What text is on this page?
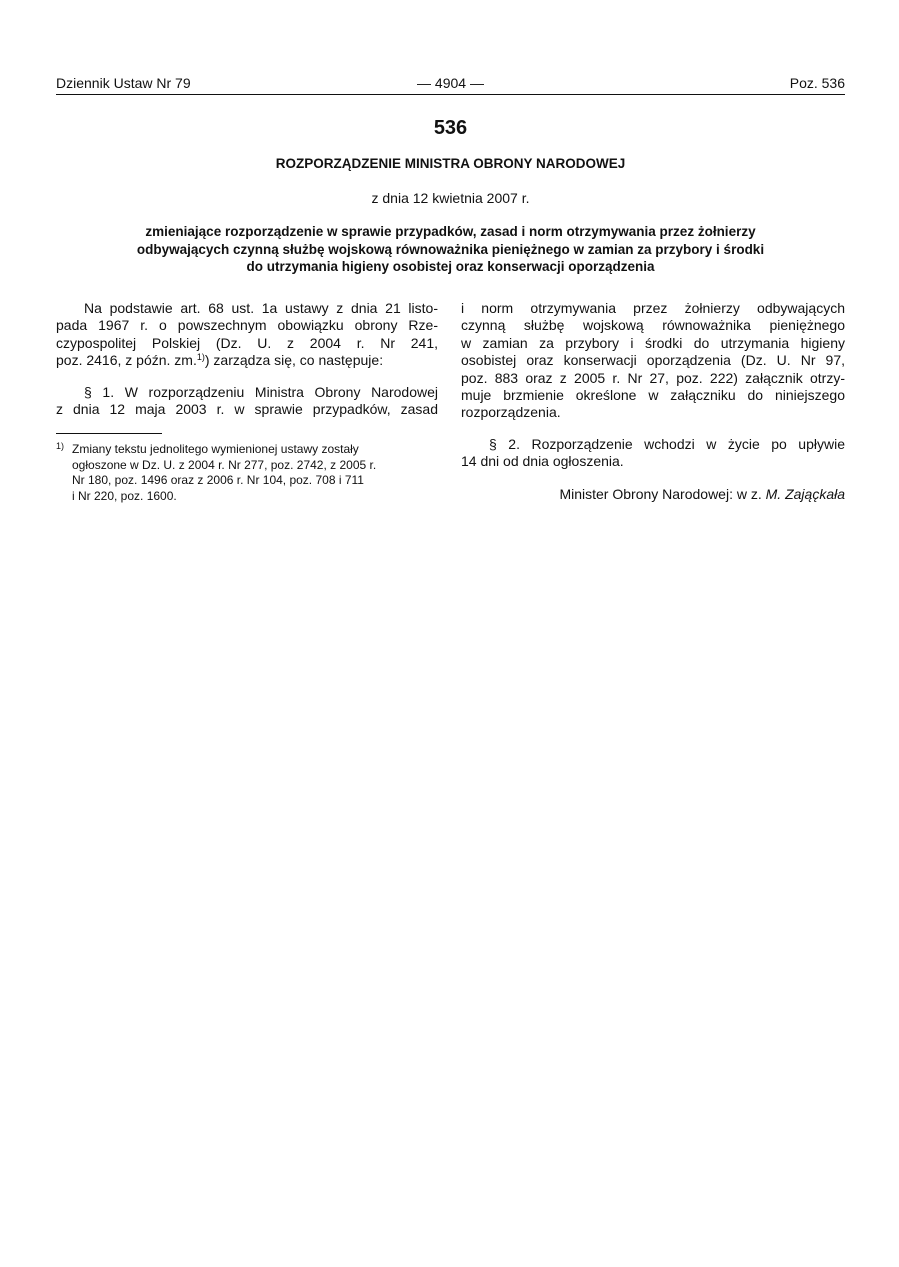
Dziennik Ustaw Nr 79	— 4904 —	Poz. 536
536
ROZPORZĄDZENIE MINISTRA OBRONY NARODOWEJ
z dnia 12 kwietnia 2007 r.
zmieniające rozporządzenie w sprawie przypadków, zasad i norm otrzymywania przez żołnierzy
odbywających czynną służbę wojskową równoważnika pieniężnego w zamian za przybory i środki
do utrzymania higieny osobistej oraz konserwacji oporządzenia

Na podstawie art. 68 ust. 1a ustawy z dnia 21 listo-
pada 1967 r. o powszechnym obowiązku obrony Rze-
czypospolitej Polskiej (Dz. U. z 2004 r. Nr 241,
poz. 2416, z późn. zm.$^{1)}$) zarządza się, co następuje:

§ 1. W rozporządzeniu Ministra Obrony Narodowej
z dnia 12 maja 2003 r. w sprawie przypadków, zasad

1) Zmiany tekstu jednolitego wymienionej ustawy zostały
ogłoszone w Dz. U. z 2004 r. Nr 277, poz. 2742, z 2005 r.
Nr 180, poz. 1496 oraz z 2006 r. Nr 104, poz. 708 i 711
i Nr 220, poz. 1600.

i norm otrzymywania przez żołnierzy odbywających
czynną służbę wojskową równoważnika pieniężnego
w zamian za przybory i środki do utrzymania higieny
osobistej oraz konserwacji oporządzenia (Dz. U. Nr 97,
poz. 883 oraz z 2005 r. Nr 27, poz. 222) załącznik otrzy-
muje brzmienie określone w załączniku do niniejszego
rozporządzenia.

§ 2. Rozporządzenie wchodzi w życie po upływie
14 dni od dnia ogłoszenia.

Minister Obrony Narodowej: w z. M. Zając̨kała
